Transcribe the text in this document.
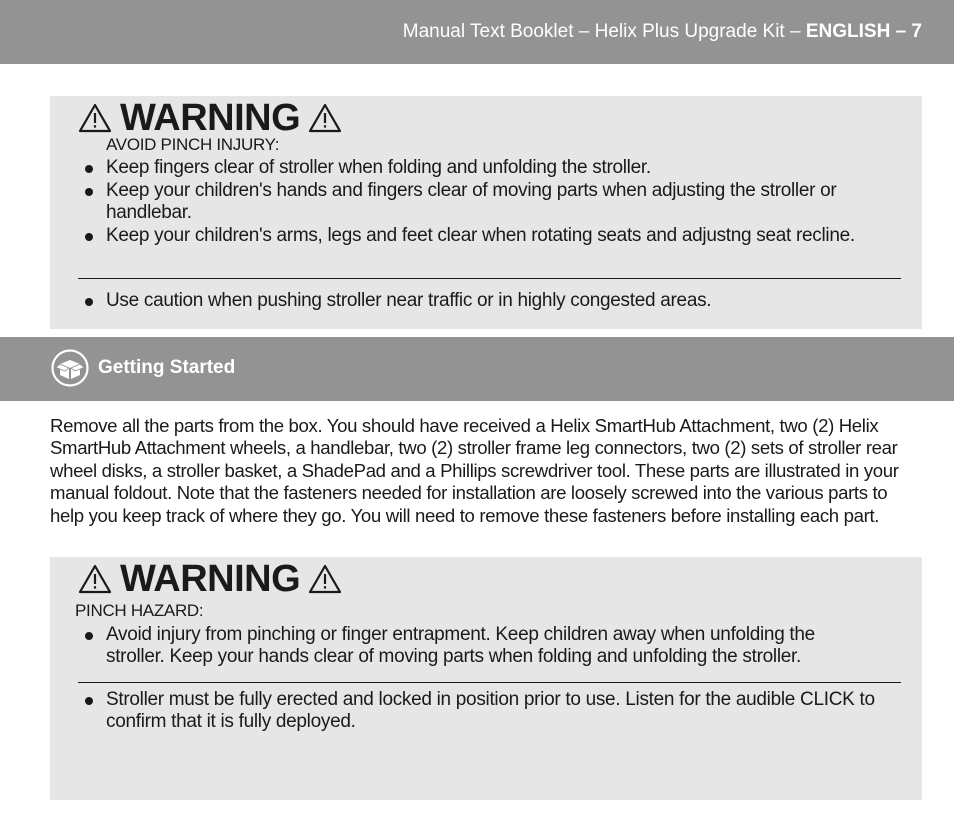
Manual Text Booklet – Helix Plus Upgrade Kit – ENGLISH – 7
WARNING
AVOID PINCH INJURY:
Keep fingers clear of stroller when folding and unfolding the stroller.
Keep your children's hands and fingers clear of moving parts when adjusting the stroller or handlebar.
Keep your children's arms, legs and feet clear when rotating seats and adjustng seat recline.
Use caution when pushing stroller near traffic or in highly congested areas.
Getting Started

Remove all the parts from the box. You should have received a Helix SmartHub Attachment, two (2) Helix SmartHub Attachment wheels, a handlebar, two (2) stroller frame leg connectors, two (2) sets of stroller rear wheel disks, a stroller basket, a ShadePad and a Phillips screwdriver tool. These parts are illustrated in your manual foldout. Note that the fasteners needed for installation are loosely screwed into the various parts to help you keep track of where they go. You will need to remove these fasteners before installing each part.

WARNING
PINCH HAZARD:
Avoid injury from pinching or finger entrapment. Keep children away when unfolding the stroller. Keep your hands clear of moving parts when folding and unfolding the stroller.
Stroller must be fully erected and locked in position prior to use. Listen for the audible CLICK to confirm that it is fully deployed.
